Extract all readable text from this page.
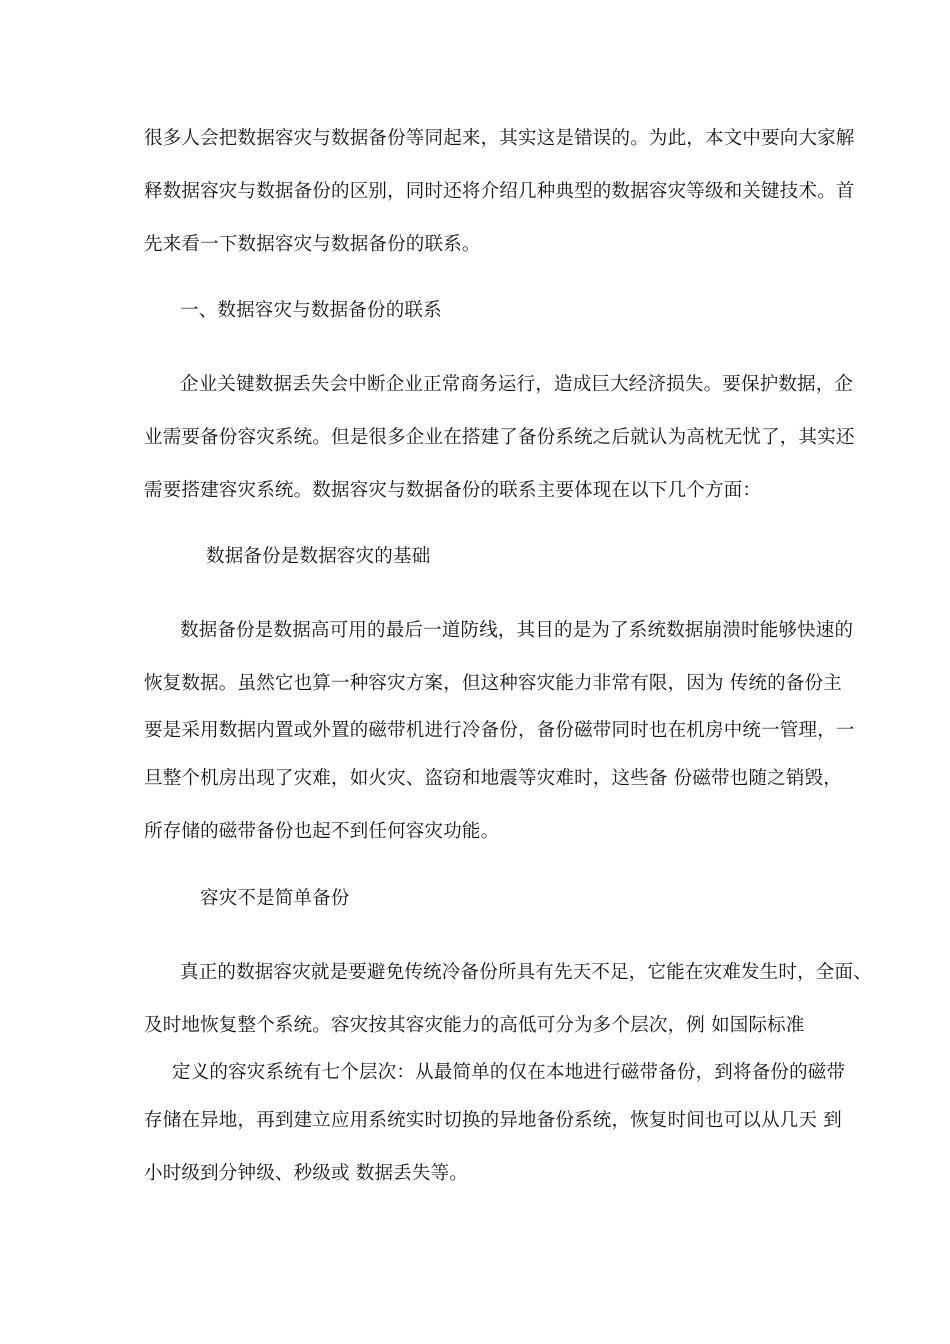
很多人会把数据容灾与数据备份等同起来，其实这是错误的。为此，本文中要向大家解
释数据容灾与数据备份的区别，同时还将介绍几种典型的数据容灾等级和关键技术。首
先来看一下数据容灾与数据备份的联系。
一、数据容灾与数据备份的联系
企业关键数据丢失会中断企业正常商务运行，造成巨大经济损失。要保护数据，企
业需要备份容灾系统。但是很多企业在搭建了备份系统之后就认为高枕无忧了，其实还
需要搭建容灾系统。数据容灾与数据备份的联系主要体现在以下几个方面：
数据备份是数据容灾的基础
数据备份是数据高可用的最后一道防线，其目的是为了系统数据崩溃时能够快速的
恢复数据。虽然它也算一种容灾方案，但这种容灾能力非常有限，因为 传统的备份主
要是采用数据内置或外置的磁带机进行冷备份，备份磁带同时也在机房中统一管理，一
旦整个机房出现了灾难，如火灾、盗窃和地震等灾难时，这些备 份磁带也随之销毁，
所存储的磁带备份也起不到任何容灾功能。
容灾不是简单备份
真正的数据容灾就是要避免传统冷备份所具有先天不足，它能在灾难发生时，全面、
及时地恢复整个系统。容灾按其容灾能力的高低可分为多个层次，例 如国际标准
定义的容灾系统有七个层次：从最简单的仅在本地进行磁带备份，到将备份的磁带
存储在异地，再到建立应用系统实时切换的异地备份系统，恢复时间也可以从几天 到
小时级到分钟级、秒级或 数据丢失等。
